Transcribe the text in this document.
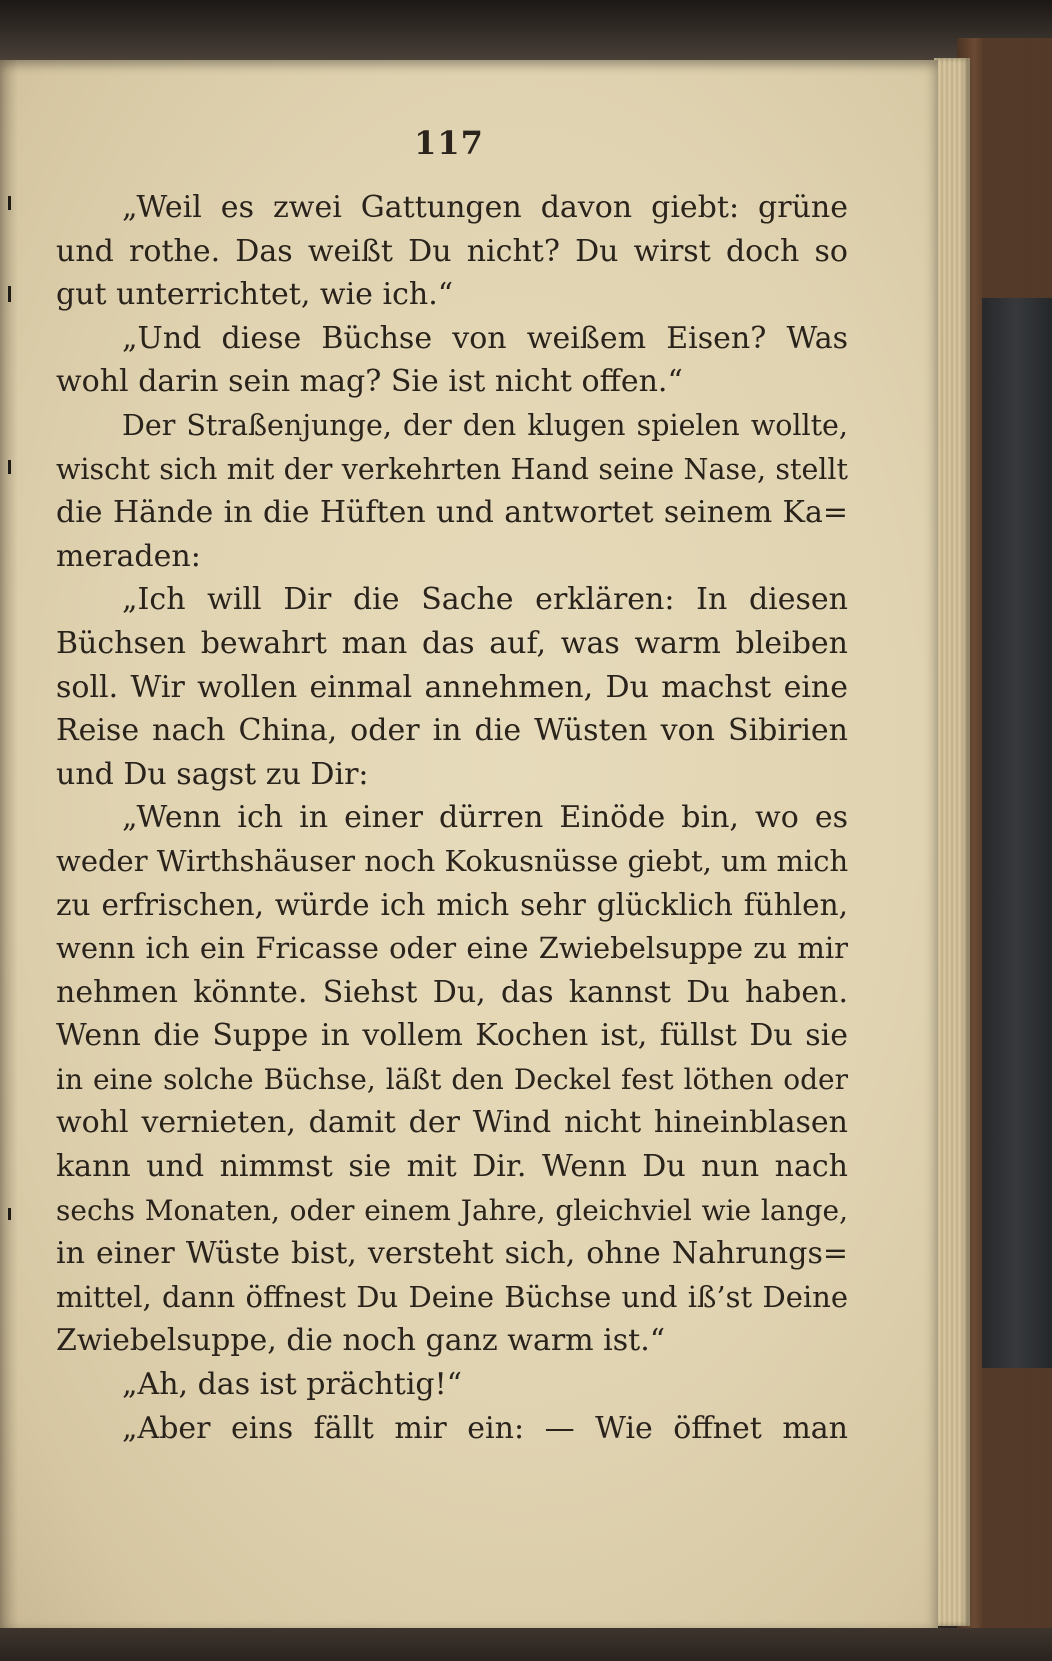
117
„Weil es zwei Gattungen davon giebt: grüne
und rothe. Das weißt Du nicht? Du wirst doch so
gut unterrichtet, wie ich.“
„Und diese Büchse von weißem Eisen? Was
wohl darin sein mag? Sie ist nicht offen.“
Der Straßenjunge, der den klugen spielen wollte,
wischt sich mit der verkehrten Hand seine Nase, stellt
die Hände in die Hüften und antwortet seinem Ka=
meraden:
„Ich will Dir die Sache erklären: In diesen
Büchsen bewahrt man das auf, was warm bleiben
soll. Wir wollen einmal annehmen, Du machst eine
Reise nach China, oder in die Wüsten von Sibirien
und Du sagst zu Dir:
„Wenn ich in einer dürren Einöde bin, wo es
weder Wirthshäuser noch Kokusnüsse giebt, um mich
zu erfrischen, würde ich mich sehr glücklich fühlen,
wenn ich ein Fricasse oder eine Zwiebelsuppe zu mir
nehmen könnte. Siehst Du, das kannst Du haben.
Wenn die Suppe in vollem Kochen ist, füllst Du sie
in eine solche Büchse, läßt den Deckel fest löthen oder
wohl vernieten, damit der Wind nicht hineinblasen
kann und nimmst sie mit Dir. Wenn Du nun nach
sechs Monaten, oder einem Jahre, gleichviel wie lange,
in einer Wüste bist, versteht sich, ohne Nahrungs=
mittel, dann öffnest Du Deine Büchse und iß’st Deine
Zwiebelsuppe, die noch ganz warm ist.“
„Ah, das ist prächtig!“
„Aber eins fällt mir ein: — Wie öffnet man
